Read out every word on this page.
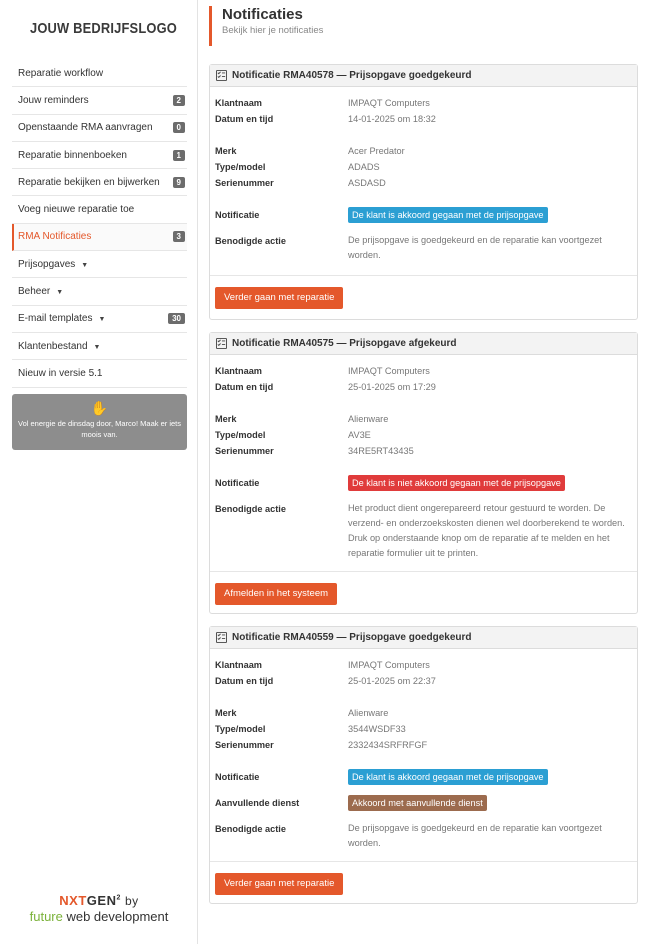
JOUW BEDRIJFSLOGO
Reparatie workflow
Jouw reminders	2
Openstaande RMA aanvragen	0
Reparatie binnenboeken	1
Reparatie bekijken en bijwerken	9
Voeg nieuwe reparatie toe
RMA Notificaties	3
Prijsopgaves ▼
Beheer ▼
E-mail templates ▼	30
Klantenbestand ▼
Nieuw in versie 5.1
✋
Vol energie de dinsdag door, Marco! Maak er iets moois van.
NXTGEN$^2$ by
future web development
Notificaties
Bekijk hier je notificaties
Notificatie RMA40578 — Prijsopgave goedgekeurd
Klantnaam	IMPAQT Computers
Datum en tijd	14-01-2025 om 18:32
Merk	Acer Predator
Type/model	ADADS
Serienummer	ASDASD
Notificatie	De klant is akkoord gegaan met de prijsopgave
Benodigde actie	De prijsopgave is goedgekeurd en de reparatie kan voortgezet worden.
Verder gaan met reparatie
Notificatie RMA40575 — Prijsopgave afgekeurd
Klantnaam	IMPAQT Computers
Datum en tijd	25-01-2025 om 17:29
Merk	Alienware
Type/model	AV3E
Serienummer	34RE5RT43435
Notificatie	De klant is niet akkoord gegaan met de prijsopgave
Benodigde actie	Het product dient ongerepareerd retour gestuurd te worden. De verzend- en onderzoekskosten dienen wel doorberekend te worden. Druk op onderstaande knop om de reparatie af te melden en het reparatie formulier uit te printen.
Afmelden in het systeem
Notificatie RMA40559 — Prijsopgave goedgekeurd
Klantnaam	IMPAQT Computers
Datum en tijd	25-01-2025 om 22:37
Merk	Alienware
Type/model	3544WSDF33
Serienummer	2332434SRFRFGF
Notificatie	De klant is akkoord gegaan met de prijsopgave
Aanvullende dienst	Akkoord met aanvullende dienst
Benodigde actie	De prijsopgave is goedgekeurd en de reparatie kan voortgezet worden.
Verder gaan met reparatie
